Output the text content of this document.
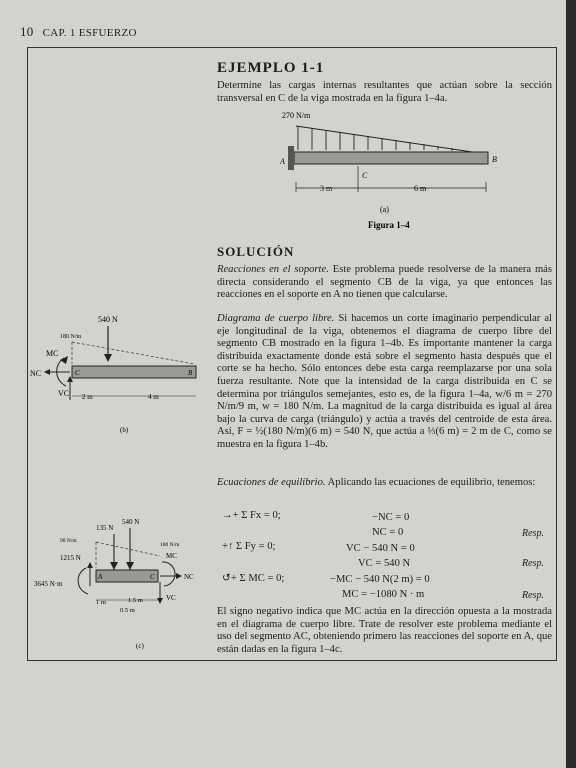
10 CAP. 1 ESFUERZO
EJEMPLO 1-1
Determine las cargas internas resultantes que actúan sobre la sección transversal en C de la viga mostrada en la figura 1–4a.
270 N/m
A	B
C
3 m	6 m
(a)
Figura 1–4
SOLUCIÓN
Reacciones en el soporte. Este problema puede resolverse de la manera más directa considerando el segmento CB de la viga, ya que entonces las reacciones en el soporte en A no tienen que calcularse.
Diagrama de cuerpo libre. Si hacemos un corte imaginario perpendicular al eje longitudinal de la viga, obtenemos el diagrama de cuerpo libre del segmento CB mostrado en la figura 1–4b. Es importante mantener la carga distribuida exactamente donde está sobre el segmento hasta después que el corte se ha hecho. Sólo entonces debe esta carga reemplazarse por una sola fuerza resultante. Note que la intensidad de la carga distribuida en C se determina por triángulos semejantes, esto es, de la figura 1–4a, w/6 m = 270 N/m/9 m, w = 180 N/m. La magnitud de la carga distribuida es igual al área bajo la curva de carga (triángulo) y actúa a través del centroide de esta área. Así, F = ½(180 N/m)(6 m) = 540 N, que actúa a ⅓(6 m) = 2 m de C, como se muestra en la figura 1–4b.
Ecuaciones de equilibrio. Aplicando las ecuaciones de equilibrio, tenemos:
→+ Σ Fx = 0;	−NC = 0
NC = 0	Resp.
+↑ Σ Fy = 0;	VC − 540 N = 0
VC = 540 N	Resp.
↺+ Σ MC = 0;	−MC − 540 N(2 m) = 0
MC = −1080 N · m	Resp.
El signo negativo indica que MC actúa en la dirección opuesta a la mostrada en el diagrama de cuerpo libre. Trate de resolver este problema mediante el uso del segmento AC, obteniendo primero las reacciones del soporte en A, que están dadas en la figura 1–4c.
540 N
180 N/m
C	B
MC
NC
VC 2 m	4 m
(b)
540 N
135 N
90 N/m
180 N/m
A	C
1215 N
3645 N·m
MC
NC
VC
1 m	1.5 m
0.5 m
(c)
